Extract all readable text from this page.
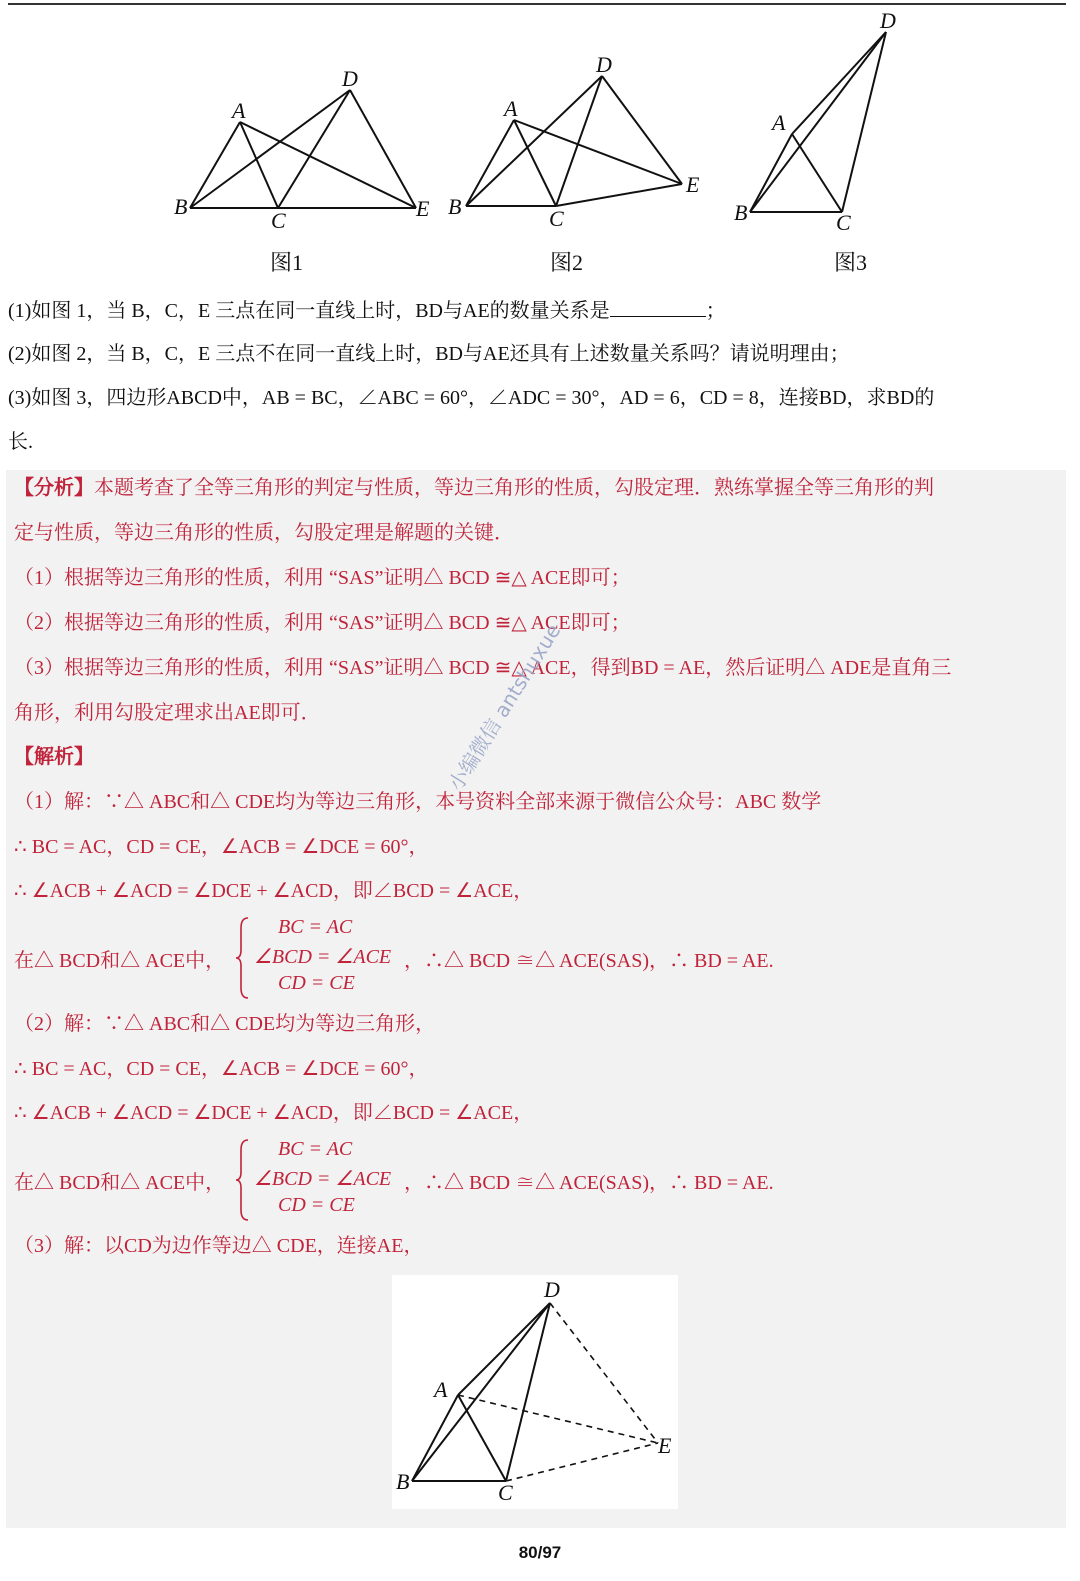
A
B
C
D
E
图1
A
B	C
D
E
图2
A
B	C
D
图3
(1)如图 1，当 B，C，E 三点在同一直线上时，BD与AE的数量关系是	；
(2)如图 2，当 B，C，E 三点不在同一直线上时，BD与AE还具有上述数量关系吗？请说明理由；
(3)如图 3，四边形ABCD中，AB = BC，∠ABC = 60°，∠ADC = 30°，AD = 6，CD = 8，连接BD，求BD的
长.
【分析】本题考查了全等三角形的判定与性质，等边三角形的性质，勾股定理．熟练掌握全等三角形的判
定与性质，等边三角形的性质，勾股定理是解题的关键．
（1）根据等边三角形的性质，利用 “SAS”证明△ BCD ≅△ ACE即可；
（2）根据等边三角形的性质，利用 “SAS”证明△ BCD ≅△ ACE即可；
（3）根据等边三角形的性质，利用 “SAS”证明△ BCD ≅△ ACE，得到BD = AE，然后证明△ ADE是直角三
角形，利用勾股定理求出AE即可．
【解析】
（1）解：∵△ ABC和△ CDE均为等边三角形，本号资料全部来源于微信公众号：ABC 数学
∴ BC = AC，CD = CE，∠ACB = ∠DCE = 60°，
∴ ∠ACB + ∠ACD = ∠DCE + ∠ACD，即∠BCD = ∠ACE，
在△ BCD和△ ACE中，
BC = AC
∠BCD = ∠ACE
CD = CE
，∴△ BCD ≅△ ACE(SAS)，∴ BD = AE.
（2）解：∵△ ABC和△ CDE均为等边三角形，
∴ BC = AC，CD = CE，∠ACB = ∠DCE = 60°，
∴ ∠ACB + ∠ACD = ∠DCE + ∠ACD，即∠BCD = ∠ACE，
在△ BCD和△ ACE中，
BC = AC
∠BCD = ∠ACE
CD = CE
，∴△ BCD ≅△ ACE(SAS)，∴ BD = AE.
（3）解：以CD为边作等边△ CDE，连接AE，
A
B	C
D
E
小编微信 antshuxue
80/97
